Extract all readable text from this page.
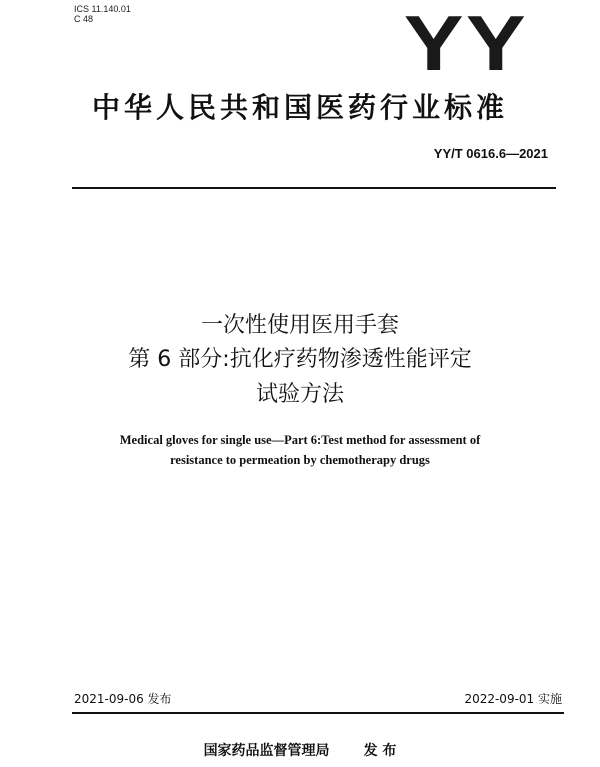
ICS 11.140.01
C 48	YY
中华人民共和国医药行业标准
YY/T 0616.6—2021
一次性使用医用手套
第 6 部分:抗化疗药物渗透性能评定
试验方法
Medical gloves for single use—Part 6:Test method for assessment of
resistance to permeation by chemotherapy drugs
2021-09-06 发布	2022-09-01 实施
国家药品监督管理局 发 布
